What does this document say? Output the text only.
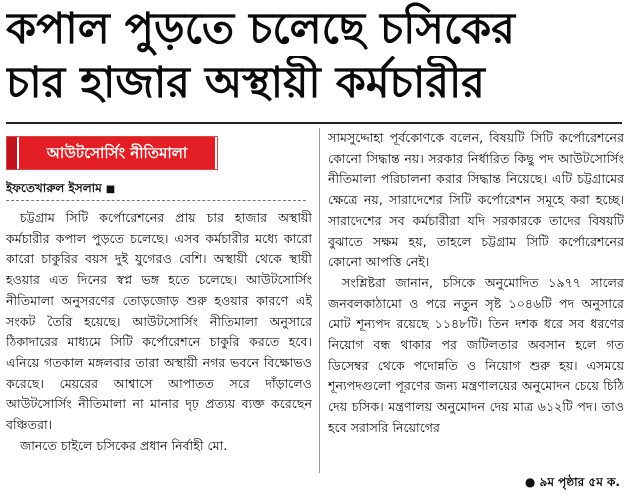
কপাল পুড়তে চলেছে চসিকের
চার হাজার অস্থায়ী কর্মচারীর
আউটসোর্সিং নীতিমালা
ইফতেখারুল ইসলাম ■

চট্টগ্রাম সিটি কর্পোরেশনের প্রায় চার হাজার অস্থায়ী কর্মচারীর কপাল পুড়তে চলেছে। এসব কর্মচারীর মধ্যে কারো কারো চাকুরির বয়স দুই যুগেরও বেশি। অস্থায়ী থেকে স্থায়ী হওয়ার এত দিনের স্বপ্ন ভঙ্গ হতে চলেছে। আউটসোর্সিং নীতিমালা অনুসরণের তোড়জোড় শুরু হওয়ার কারণে এই সংকট তৈরি হয়েছে। আউটসোর্সিং নীতিমালা অনুসারে ঠিকাদারের মাধ্যমে সিটি কর্পোরেশনে চাকুরি করতে হবে। এনিয়ে গতকাল মঙ্গলবার তারা অস্থায়ী নগর ভবনে বিক্ষোভও করেছে। মেয়রের আশ্বাসে আপাতত সরে দাঁড়ালেও আউটসোর্সিং নীতিমালা না মানার দৃঢ় প্রত্যয় ব্যক্ত করেছেন বঞ্চিতরা।

জানতে চাইলে চসিকের প্রধান নির্বাহী মো.

সামসুদ্দোহা পূর্বকোণকে বলেন, বিষয়টি সিটি কর্পোরেশনের কোনো সিদ্ধান্ত নয়। সরকার নির্ধারিত কিছু পদ আউটসোর্সিং নীতিমালা পরিচালনা করার সিদ্ধান্ত নিয়েছে। এটি চট্টগ্রামের ক্ষেত্রে নয়, সারাদেশের সিটি কর্পোরেশন সমূহে করা হচ্ছে। সারাদেশের সব কর্মচারীরা যদি সরকারকে তাদের বিষয়টি বুঝাতে সক্ষম হয়, তাহলে চট্টগ্রাম সিটি কর্পোরেশনের কোনো আপত্তি নেই।

সংশ্লিষ্টরা জানান, চসিকে অনুমোদিত ১৯৭৭ সালের জনবলকাঠামো ও পরে নতুন সৃষ্ট ১০৪৬টি পদ অনুসারে মোট শূন্যপদ রয়েছে ১১৪৮টি। তিন দশক ধরে সব ধরণের নিয়োগ বন্ধ থাকার পর জটিলতার অবসান হলে গত ডিসেম্বর থেকে পদোন্নতি ও নিয়োগ শুরু হয়। এসময়ে শূন্যপদগুলো পূরণের জন্য মন্ত্রণালয়ের অনুমোদন চেয়ে চিঠি দেয় চসিক। মন্ত্রণালয় অনুমোদন দেয় মাত্র ৬১২টি পদ। তাও হবে সরাসরি নিয়োগের

● ৯ম পৃষ্ঠার ৫ম ক.
